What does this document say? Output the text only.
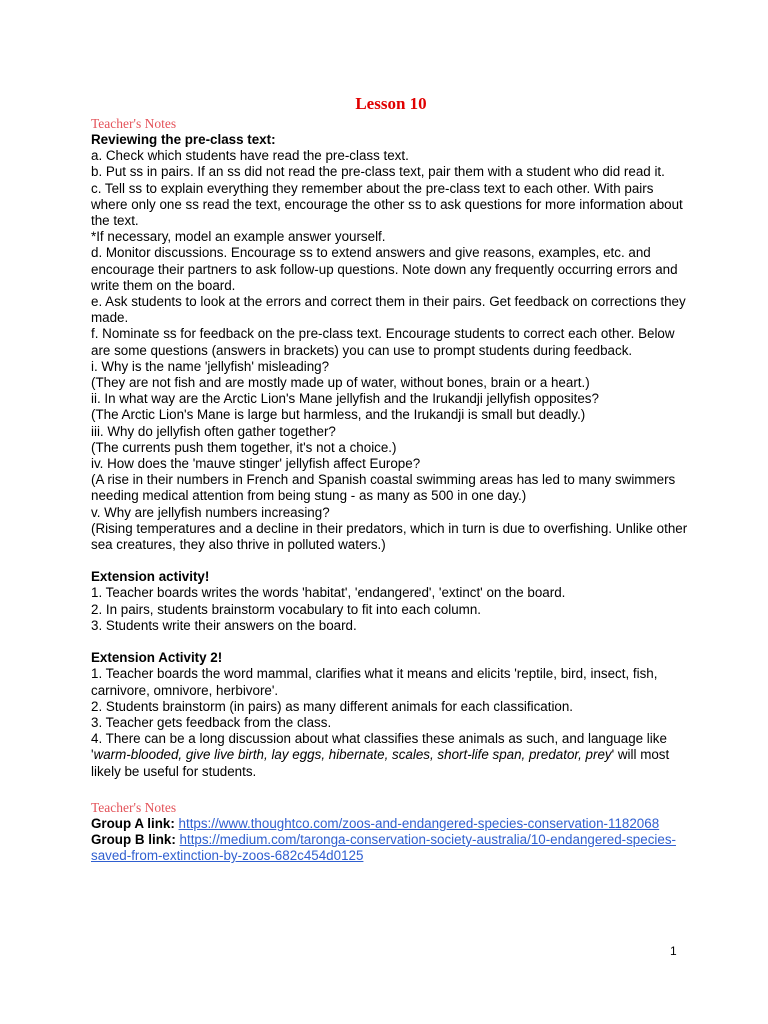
Lesson 10
Teacher's Notes
Reviewing the pre-class text:
a. Check which students have read the pre-class text.
b. Put ss in pairs. If an ss did not read the pre-class text, pair them with a student who did read it.
c. Tell ss to explain everything they remember about the pre-class text to each other. With pairs where only one ss read the text, encourage the other ss to ask questions for more information about the text.
*If necessary, model an example answer yourself.
d. Monitor discussions. Encourage ss to extend answers and give reasons, examples, etc. and encourage their partners to ask follow-up questions. Note down any frequently occurring errors and write them on the board.
e. Ask students to look at the errors and correct them in their pairs. Get feedback on corrections they made.
f. Nominate ss for feedback on the pre-class text. Encourage students to correct each other. Below are some questions (answers in brackets) you can use to prompt students during feedback.
i. Why is the name 'jellyfish' misleading?
(They are not fish and are mostly made up of water, without bones, brain or a heart.)
ii. In what way are the Arctic Lion's Mane jellyfish and the Irukandji jellyfish opposites?
(The Arctic Lion's Mane is large but harmless, and the Irukandji is small but deadly.)
iii. Why do jellyfish often gather together?
(The currents push them together, it's not a choice.)
iv. How does the 'mauve stinger' jellyfish affect Europe?
(A rise in their numbers in French and Spanish coastal swimming areas has led to many swimmers needing medical attention from being stung - as many as 500 in one day.)
v. Why are jellyfish numbers increasing?
(Rising temperatures and a decline in their predators, which in turn is due to overfishing. Unlike other sea creatures, they also thrive in polluted waters.)
Extension activity!
1. Teacher boards writes the words 'habitat', 'endangered', 'extinct' on the board.
2. In pairs, students brainstorm vocabulary to fit into each column.
3. Students write their answers on the board.
Extension Activity 2!
1. Teacher boards the word mammal, clarifies what it means and elicits 'reptile, bird, insect, fish, carnivore, omnivore, herbivore'.
2. Students brainstorm (in pairs) as many different animals for each classification.
3. Teacher gets feedback from the class.
4. There can be a long discussion about what classifies these animals as such, and language like 'warm-blooded, give live birth, lay eggs, hibernate, scales, short-life span, predator, prey' will most likely be useful for students.
Teacher's Notes
Group A link: https://www.thoughtco.com/zoos-and-endangered-species-conservation-1182068
Group B link: https://medium.com/taronga-conservation-society-australia/10-endangered-species-saved-from-extinction-by-zoos-682c454d0125
1
